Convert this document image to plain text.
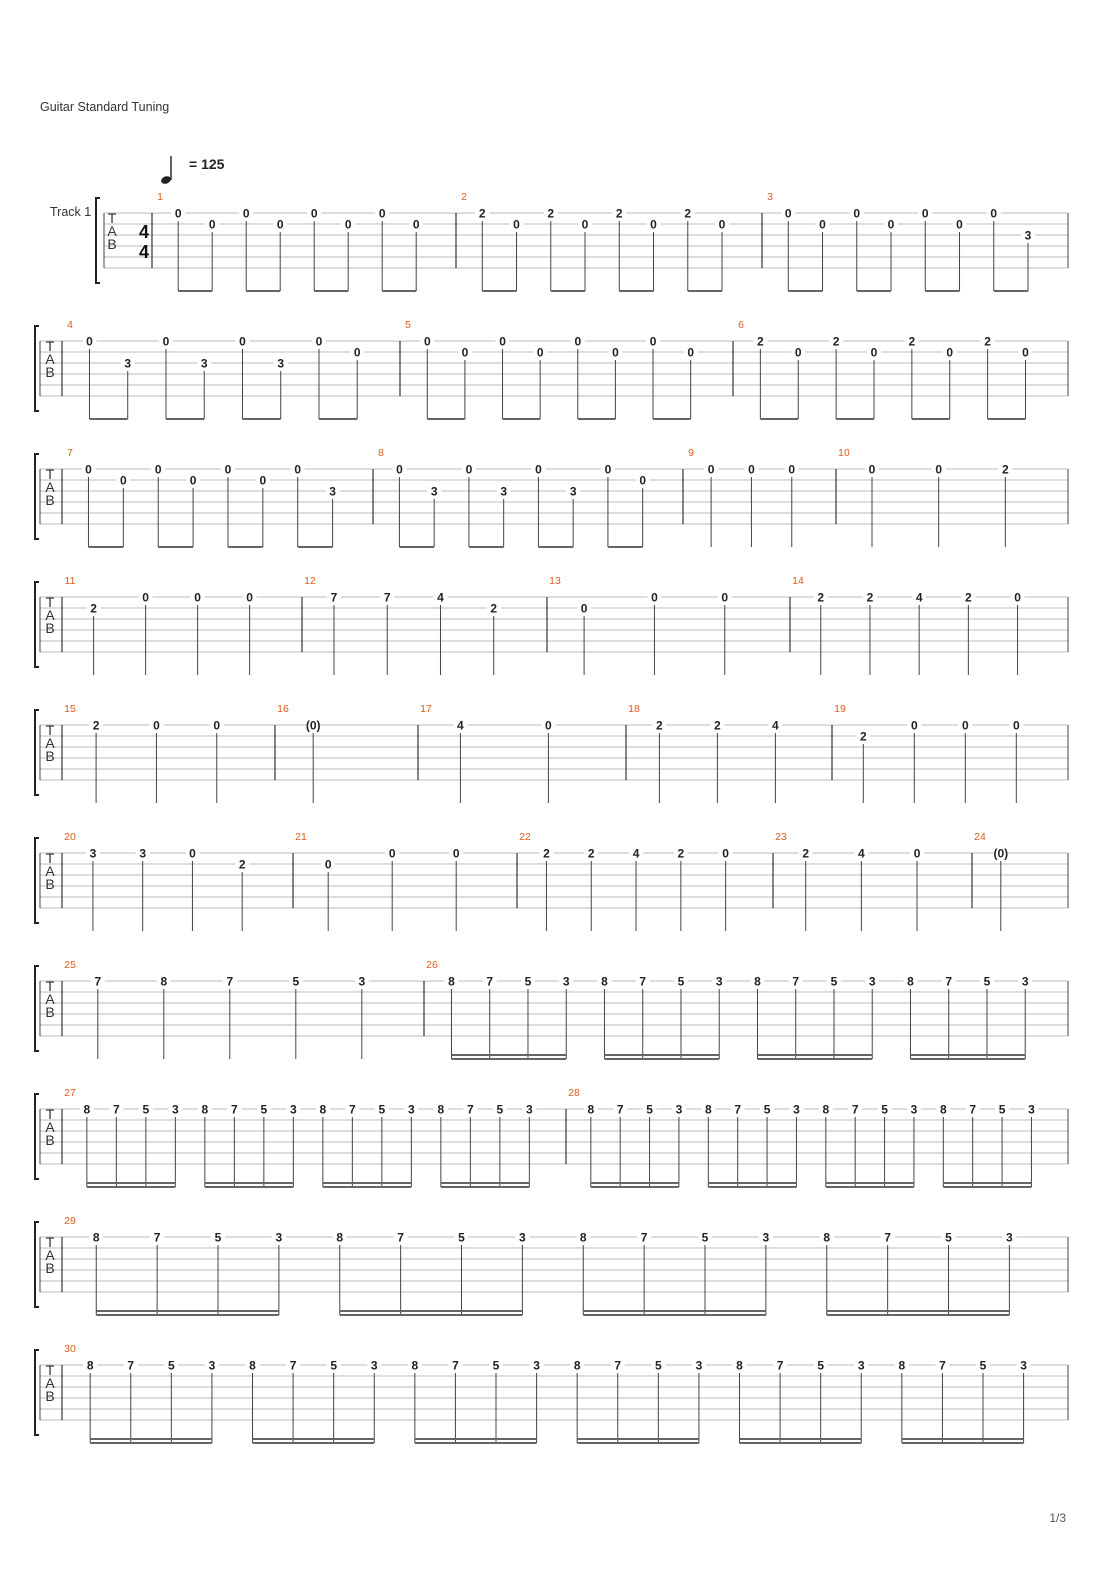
Guitar Standard Tuning
= 125
Track 1 T
A
B
4
4
1
0
0
0
0
0
0
0
0
2
2
0
2
0
2
0
2
0
3
0
0
0
0
0
0
0
3
T
A
B
4
0
3
0
3
0
3
0
0
5
0
0
0
0
0
0
0
0
6
2
0
2
0
2
0
2
0
T
A
B
7
0
0
0
0
0
0
0
3
8
0
3
0
3
0
3
0
0
9
0	0	0
10
0	0	2
T
A
B
11
2
0	0	0
12
7	7	4
2
13
0
0	0
14
2	2	4	2	0
T
A
B
15
2	0	0
16
(0)
17
4	0
18
2	2	4
19
2
0	0	0
T
A
B
20
3	3	0
2
21
0
0	0
22
2	2	4	2	0
23
2	4	0
24
(0)
T
A
B
25
7	8	7	5	3
26
8	7	5	3	8	7	5	3	8	7	5	3	8	7	5	3
T
A
B
27
8 7 5 3 8 7 5 3 8 7 5 3 8 7 5 3
28
8 7 5 3 8 7 5 3 8 7 5 3 8 7 5 3
T
A
B
29
8	7	5	3	8	7	5	3	8	7	5	3	8	7	5	3
T
A
B
30
8	7	5	3	8	7	5	3	8	7	5	3	8	7	5	3	8	7	5	3	8	7	5	3
1/3
